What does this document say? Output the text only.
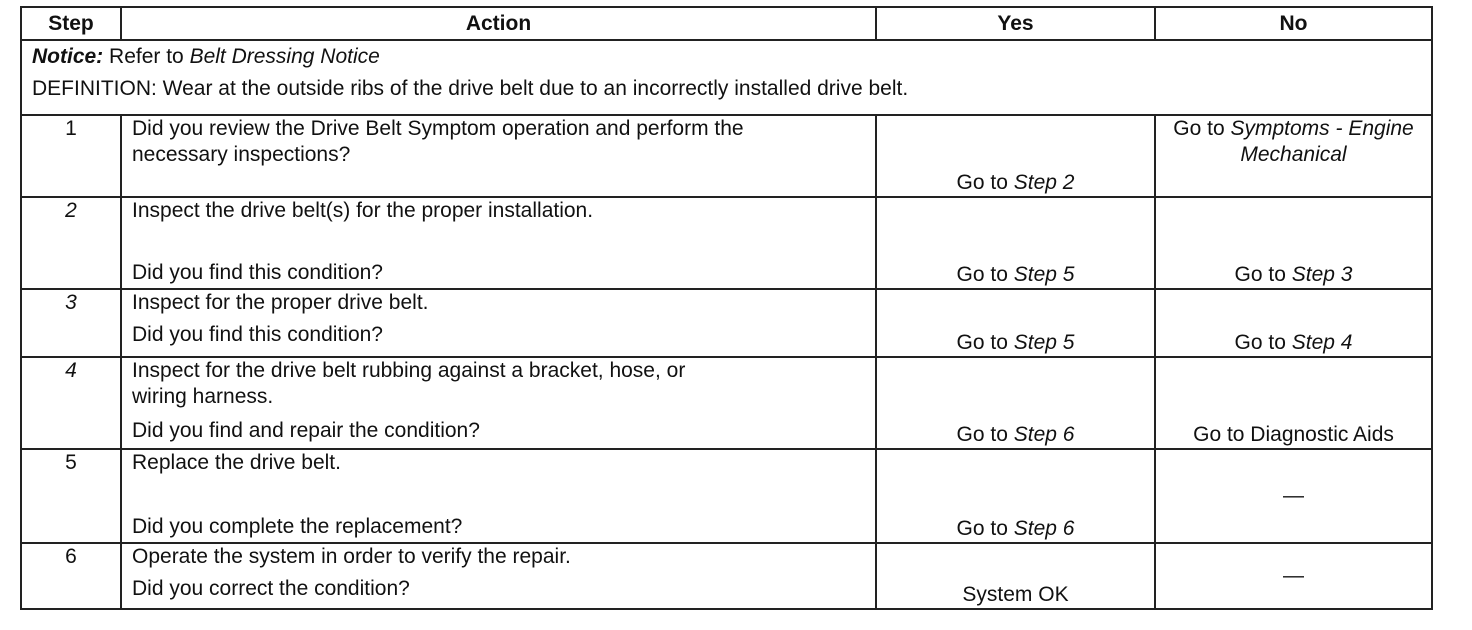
Step	Action	Yes	No

Notice: Refer to Belt Dressing Notice
DEFINITION: Wear at the outside ribs of the drive belt due to an incorrectly installed drive belt.			

1	Did you review the Drive Belt Symptom operation and perform the
necessary inspections?	Go to Step 2	Go to Symptoms - Engine Mechanical
2	Inspect the drive belt(s) for the proper installation.
Did you find this condition?	Go to Step 5	Go to Step 3
3	Inspect for the proper drive belt.
Did you find this condition?	Go to Step 5	Go to Step 4
4	Inspect for the drive belt rubbing against a bracket, hose, or
wiring harness.
Did you find and repair the condition?	Go to Step 6	Go to Diagnostic Aids
5	Replace the drive belt.
Did you complete the replacement?	Go to Step 6	—
6	Operate the system in order to verify the repair.
Did you correct the condition?	System OK	—
